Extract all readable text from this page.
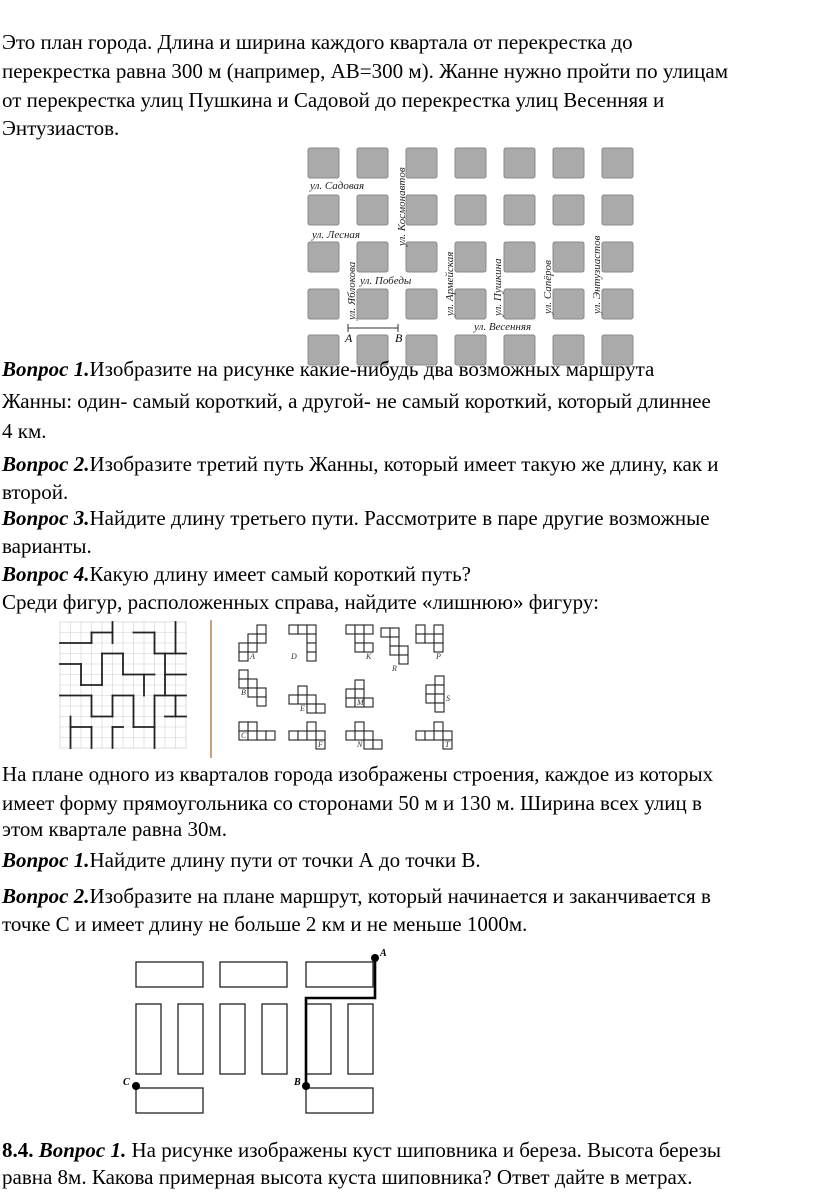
Это план города. Длина и ширина каждого квартала от перекрестка до
перекрестка равна 300 м (например, АВ=300 м). Жанне нужно пройти по улицам
от перекрестка улиц Пушкина и Садовой до перекрестка улиц Весенняя и
Энтузиастов.
ул. Садовая
ул. Лесная
ул. Победы
ул. Весенняя
ул. Космонавтов
ул. Яблокова	ул. Армейская	ул. Пушкина	ул. Сапёров	ул. Энтузиастов
A	B
Вопрос 1.Изобразите на рисунке какие-нибудь два возможных маршрута
Жанны: один- самый короткий, а другой- не самый короткий, который длиннее
4 км.
Вопрос 2.Изобразите третий путь Жанны, который имеет такую же длину, как и
второй.
Вопрос 3.Найдите длину третьего пути. Рассмотрите в паре другие возможные
варианты.
Вопрос 4.Какую длину имеет самый короткий путь?
Среди фигур, расположенных справа, найдите «лишнюю» фигуру:
A	D	K
R
P
B
E
M	S
C
F	N	T
На плане одного из кварталов города изображены строения, каждое из которых
имеет форму прямоугольника со сторонами 50 м и 130 м. Ширина всех улиц в
этом квартале равна 30м.
Вопрос 1.Найдите длину пути от точки А до точки В.
Вопрос 2.Изобразите на плане маршрут, который начинается и заканчивается в
точке С и имеет длину не больше 2 км и не меньше 1000м.
A
B
C
8.4. Вопрос 1. На рисунке изображены куст шиповника и береза. Высота березы
равна 8м. Какова примерная высота куста шиповника? Ответ дайте в метрах.
